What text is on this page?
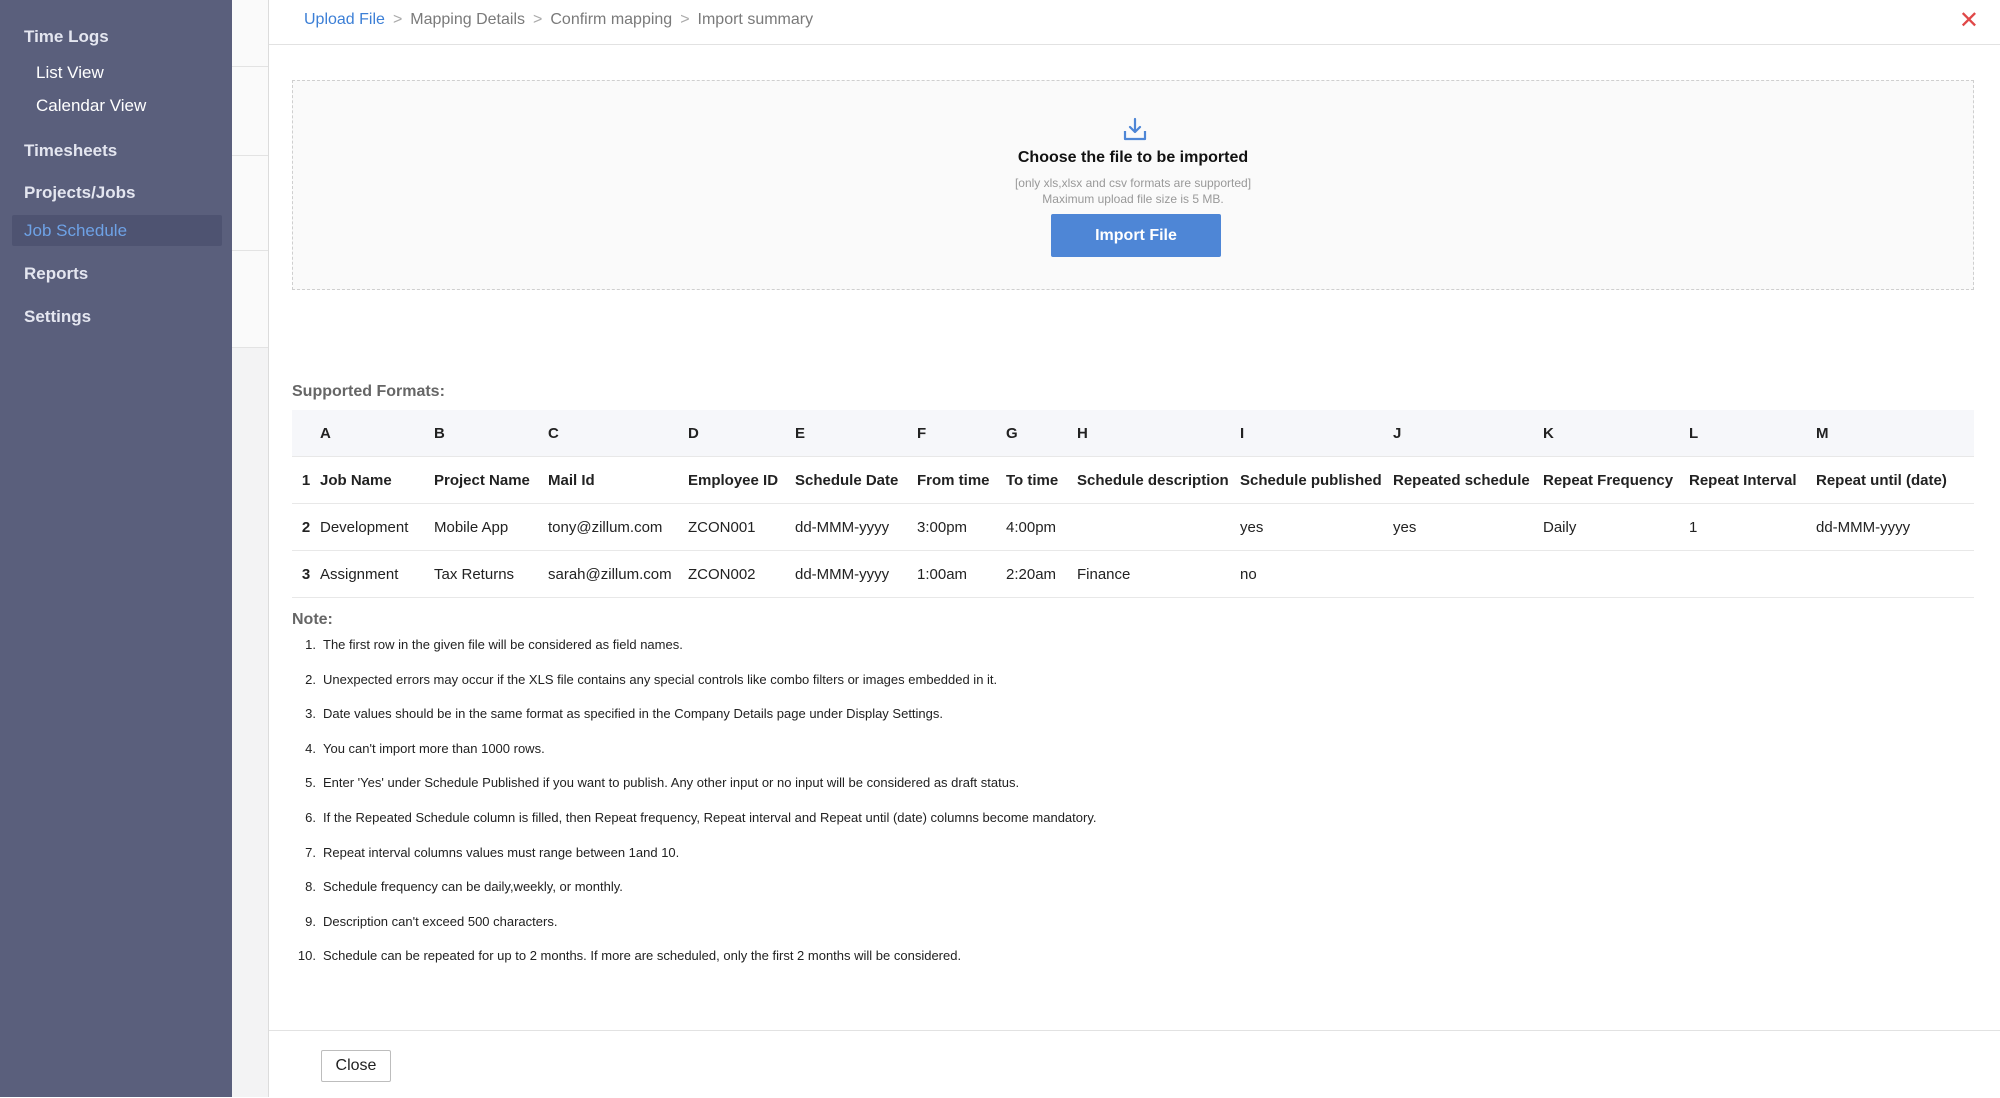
Time Logs
List View
Calendar View
Timesheets
Projects/Jobs
Job Schedule
Reports
Settings
Upload File > Mapping Details > Confirm mapping > Import summary	✕
Choose the file to be imported
[only xls,xlsx and csv formats are supported]
Maximum upload file size is 5 MB.
Import File
Supported Formats:
	A	B	C	D	E	F	G	H	I	J	K	L	M
1	Job Name	Project Name	Mail Id	Employee ID	Schedule Date	From time	To time	Schedule description	Schedule published	Repeated schedule	Repeat Frequency	Repeat Interval	Repeat until (date)
2	Development	Mobile App	tony@zillum.com	ZCON001	dd-MMM-yyyy	3:00pm	4:00pm		yes	yes	Daily	1	dd-MMM-yyyy
3	Assignment	Tax Returns	sarah@zillum.com	ZCON002	dd-MMM-yyyy	1:00am	2:20am	Finance	no				
Note:
1. The first row in the given file will be considered as field names.
2. Unexpected errors may occur if the XLS file contains any special controls like combo filters or images embedded in it.
3. Date values should be in the same format as specified in the Company Details page under Display Settings.
4. You can't import more than 1000 rows.
5. Enter 'Yes' under Schedule Published if you want to publish. Any other input or no input will be considered as draft status.
6. If the Repeated Schedule column is filled, then Repeat frequency, Repeat interval and Repeat until (date) columns become mandatory.
7. Repeat interval columns values must range between 1and 10.
8. Schedule frequency can be daily,weekly, or monthly.
9. Description can't exceed 500 characters.
10. Schedule can be repeated for up to 2 months. If more are scheduled, only the first 2 months will be considered.
Close
